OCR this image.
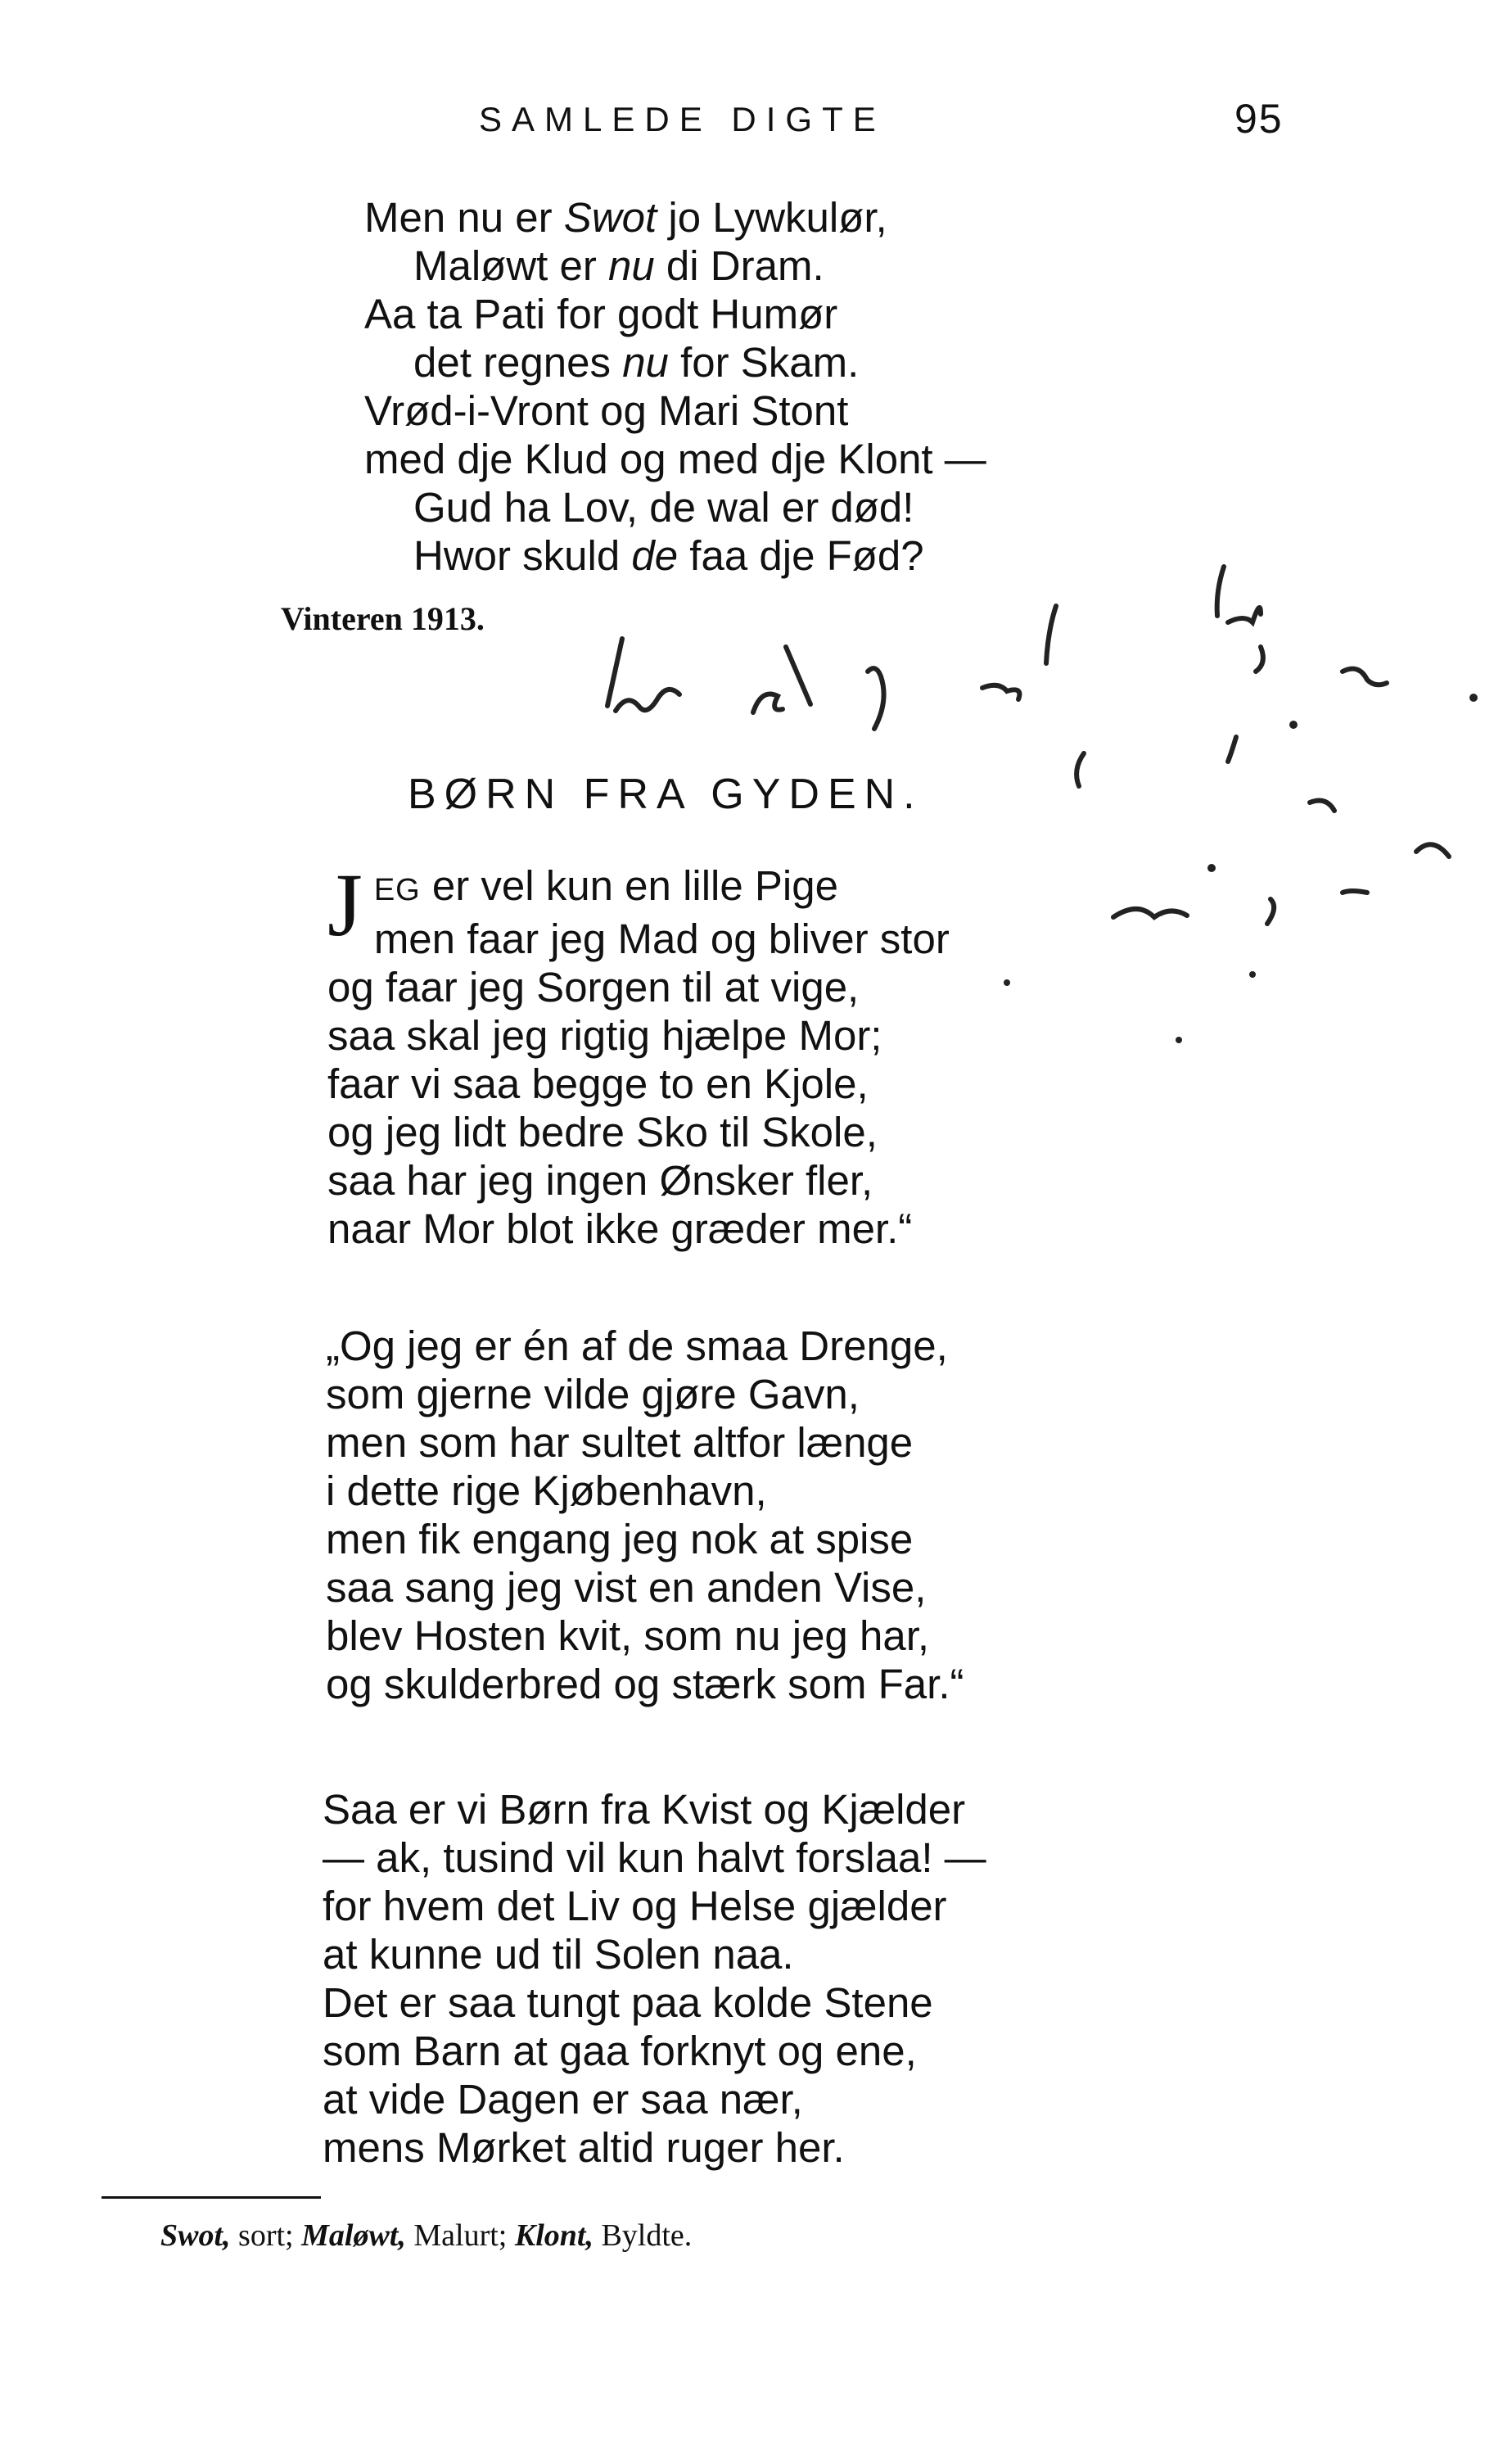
SAMLEDE DIGTE	95
Men nu er Swot jo Lywkulør,
Maløwt er nu di Dram.
Aa ta Pati for godt Humør
det regnes nu for Skam.
Vrød-i-Vront og Mari Stont
med dje Klud og med dje Klont —
Gud ha Lov, de wal er død!
Hwor skuld de faa dje Fød?
Vinteren 1913.
BØRN FRA GYDEN.
J EG er vel kun en lille Pige
men faar jeg Mad og bliver stor
og faar jeg Sorgen til at vige,
saa skal jeg rigtig hjælpe Mor;
faar vi saa begge to en Kjole,
og jeg lidt bedre Sko til Skole,
saa har jeg ingen Ønsker fler,
naar Mor blot ikke græder mer.“
„Og jeg er én af de smaa Drenge,
som gjerne vilde gjøre Gavn,
men som har sultet altfor længe
i dette rige Kjøbenhavn,
men fik engang jeg nok at spise
saa sang jeg vist en anden Vise,
blev Hosten kvit, som nu jeg har,
og skulderbred og stærk som Far.“
Saa er vi Børn fra Kvist og Kjælder
— ak, tusind vil kun halvt forslaa! —
for hvem det Liv og Helse gjælder
at kunne ud til Solen naa.
Det er saa tungt paa kolde Stene
som Barn at gaa forknyt og ene,
at vide Dagen er saa nær,
mens Mørket altid ruger her.
Swot, sort; Maløwt, Malurt; Klont, Byldte.
